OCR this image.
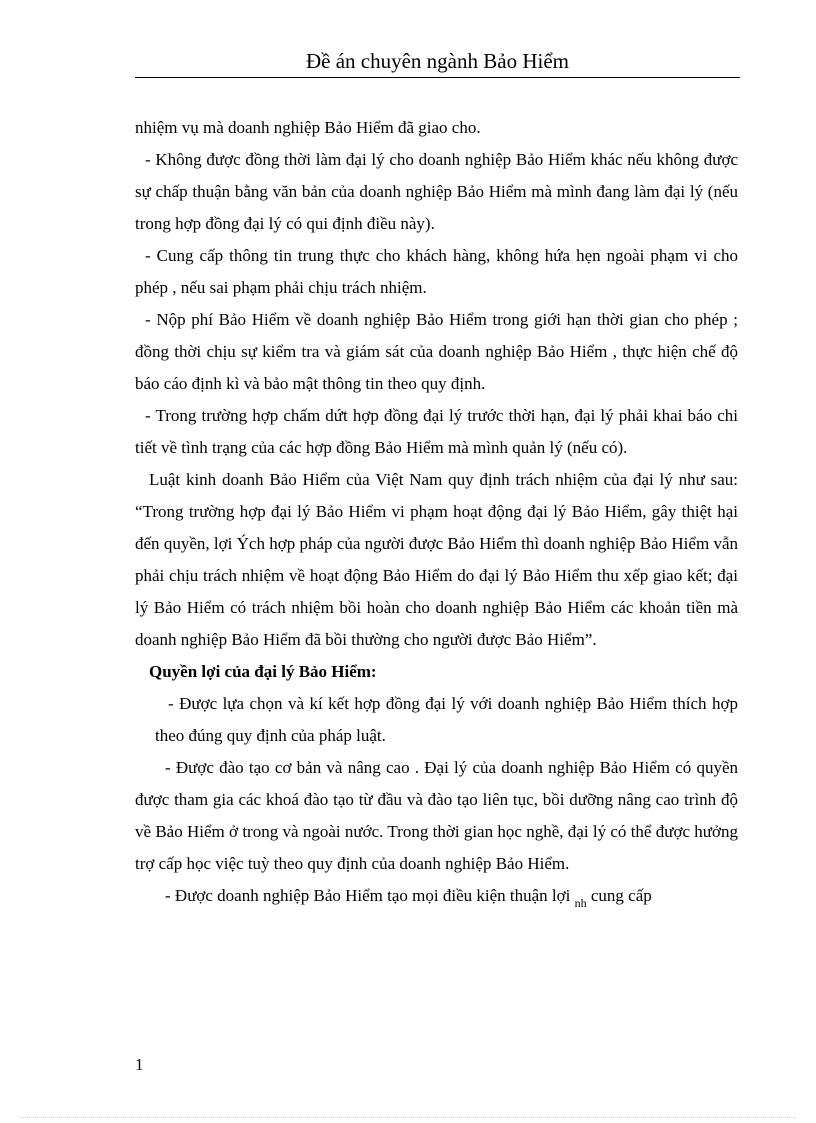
Đề án chuyên ngành Bảo Hiểm

nhiệm vụ mà doanh nghiệp Bảo Hiểm đã giao cho.

- Không được đồng thời làm đại lý cho doanh nghiệp Bảo Hiểm khác nếu không được sự chấp thuận bằng văn bản của doanh nghiệp Bảo Hiểm mà mình đang làm đại lý (nếu trong hợp đồng đại lý có qui định điều này).

- Cung cấp thông tin trung thực cho khách hàng, không hứa hẹn ngoài phạm vi cho phép , nếu sai phạm phải chịu trách nhiệm.

- Nộp phí Bảo Hiểm về doanh nghiệp Bảo Hiểm trong giới hạn thời gian cho phép ; đồng thời chịu sự kiểm tra và giám sát của doanh nghiệp Bảo Hiểm , thực hiện chế độ báo cáo định kì và bảo mật thông tin theo quy định.

- Trong trường hợp chấm dứt hợp đồng đại lý trước thời hạn, đại lý phải khai báo chi tiết về tình trạng của các hợp đồng Bảo Hiểm mà mình quản lý (nếu có).

Luật kinh doanh Bảo Hiểm của Việt Nam quy định trách nhiệm của đại lý như sau: “Trong trường hợp đại lý Bảo Hiểm vi phạm hoạt động đại lý Bảo Hiểm, gây thiệt hại đến quyền, lợi Ých hợp pháp của người được Bảo Hiểm thì doanh nghiệp Bảo Hiểm vẫn phải chịu trách nhiệm về hoạt động Bảo Hiểm do đại lý Bảo Hiểm thu xếp giao kết; đại lý Bảo Hiểm có trách nhiệm bồi hoàn cho doanh nghiệp Bảo Hiểm các khoản tiền mà doanh nghiệp Bảo Hiểm đã bồi thường cho người được Bảo Hiểm”.

Quyền lợi của đại lý Bảo Hiểm:

- Được lựa chọn và kí kết hợp đồng đại lý với doanh nghiệp Bảo Hiểm thích hợp theo đúng quy định của pháp luật.

- Được đào tạo cơ bản và nâng cao . Đại lý của doanh nghiệp Bảo Hiểm có quyền được tham gia các khoá đào tạo từ đầu và đào tạo liên tục, bồi dưỡng nâng cao trình độ về Bảo Hiểm ở trong và ngoài nước. Trong thời gian học nghề, đại lý có thể được hưởng trợ cấp học việc tuỳ theo quy định của doanh nghiệp Bảo Hiểm.

- Được doanh nghiệp Bảo Hiểm tạo mọi điều kiện thuận lợi $_{nh}$ cung cấp

1
